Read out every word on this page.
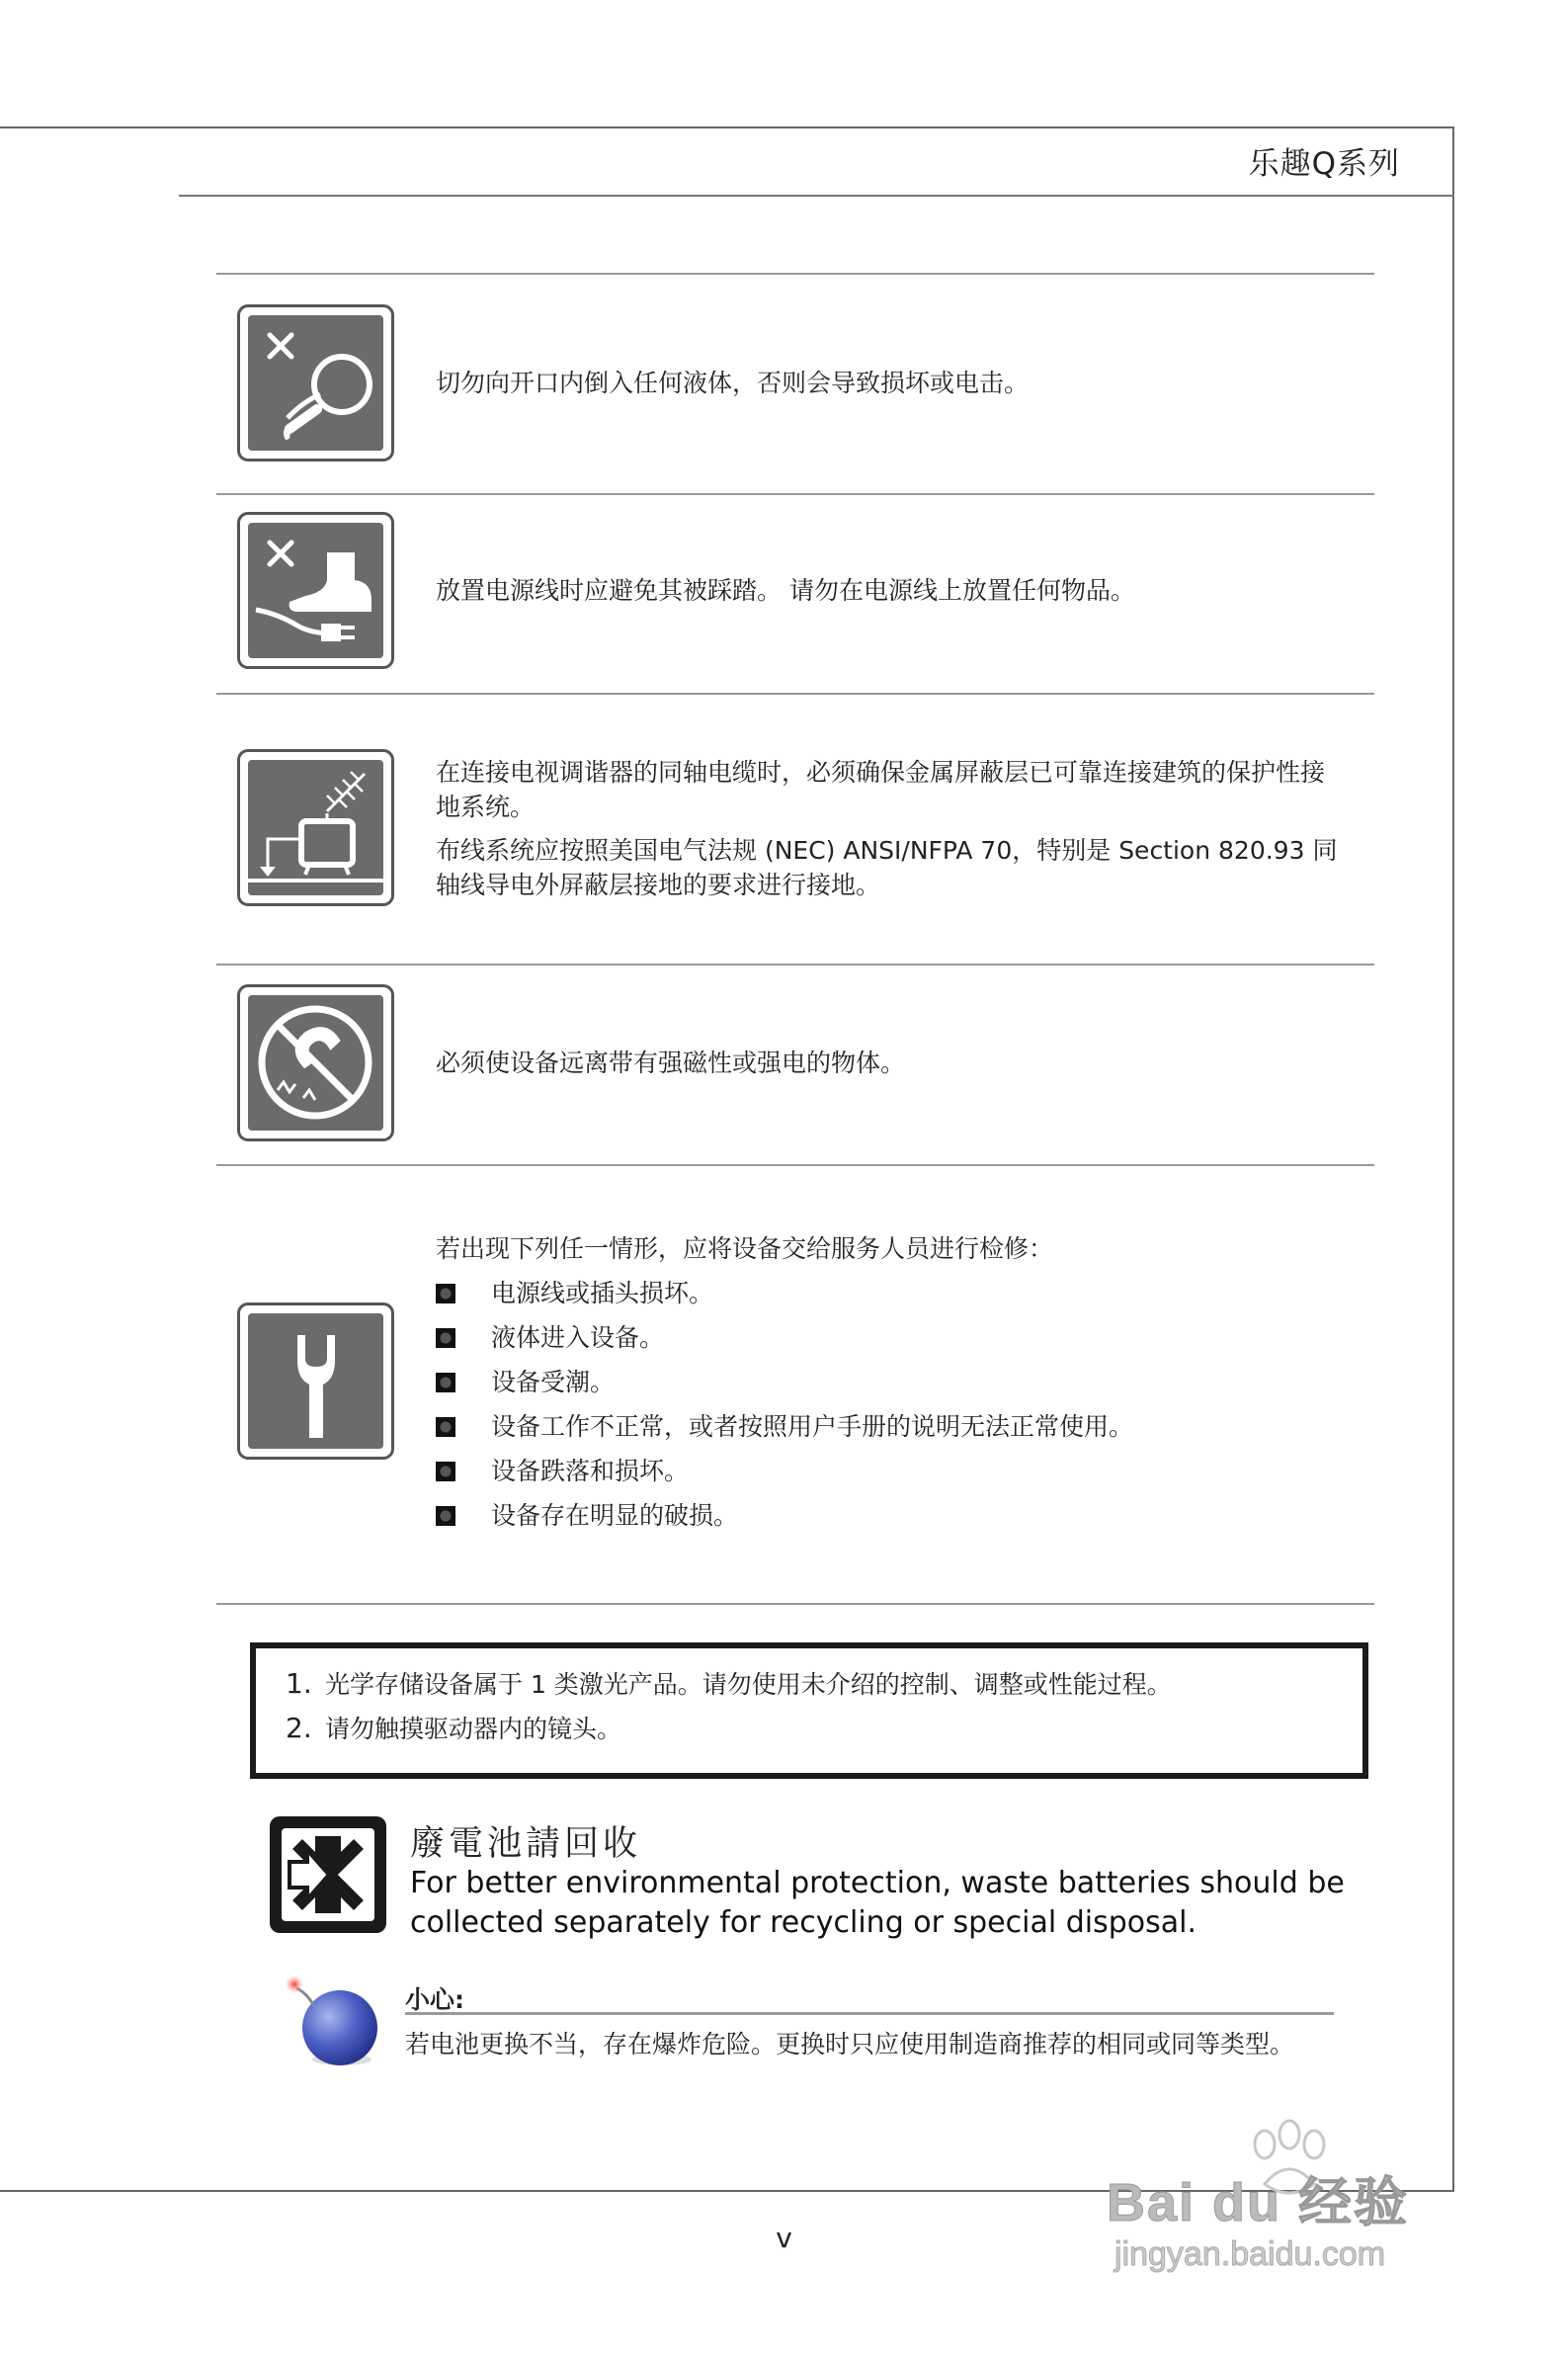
乐趣Q系列
切勿向开口内倒入任何液体，否则会导致损坏或电击。
放置电源线时应避免其被踩踏。 请勿在电源线上放置任何物品。
在连接电视调谐器的同轴电缆时，必须确保金属屏蔽层已可靠连接建筑的保护性接地系统。
布线系统应按照美国电气法规 (NEC) ANSI/NFPA 70，特别是 Section 820.93 同轴线导电外屏蔽层接地的要求进行接地。
必须使设备远离带有强磁性或强电的物体。
若出现下列任一情形，应将设备交给服务人员进行检修：
电源线或插头损坏。
液体进入设备。
设备受潮。
设备工作不正常，或者按照用户手册的说明无法正常使用。
设备跌落和损坏。
设备存在明显的破损。
1. 光学存储设备属于 1 类激光产品。请勿使用未介绍的控制、调整或性能过程。
2. 请勿触摸驱动器内的镜头。
廢電池請回收
For better environmental protection, waste batteries should be collected separately for recycling or special disposal.
小心:
若电池更换不当，存在爆炸危险。更换时只应使用制造商推荐的相同或同等类型。
v
Bai du 经验
jingyan.baidu.com
